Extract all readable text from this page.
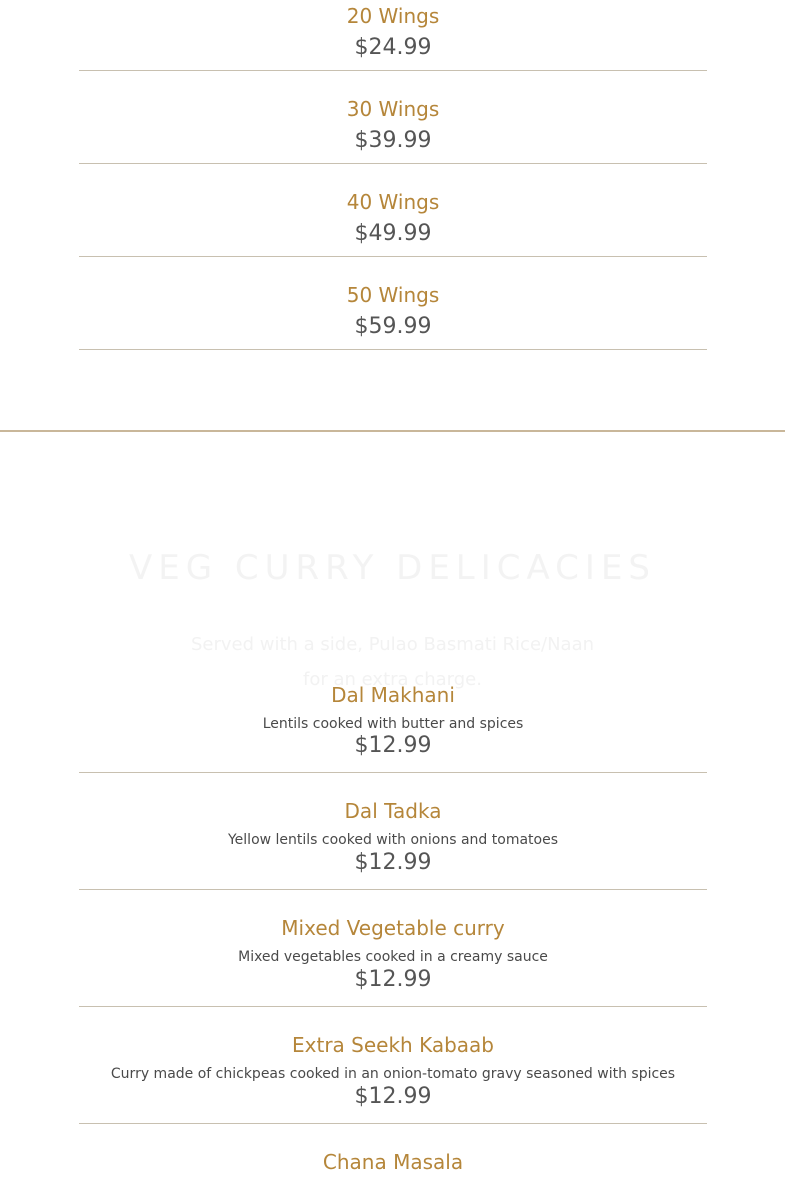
20 Wings
$24.99
30 Wings
$39.99
40 Wings
$49.99
50 Wings
$59.99
VEG CURRY DELICACIES
Served with a side, Pulao Basmati Rice/Naan
for an extra charge.
Dal Makhani
Lentils cooked with butter and spices
$12.99
Dal Tadka
Yellow lentils cooked with onions and tomatoes
$12.99
Mixed Vegetable curry
Mixed vegetables cooked in a creamy sauce
$12.99
Extra Seekh Kabaab
Curry made of chickpeas cooked in an onion-tomato gravy seasoned with spices
$12.99
Chana Masala
